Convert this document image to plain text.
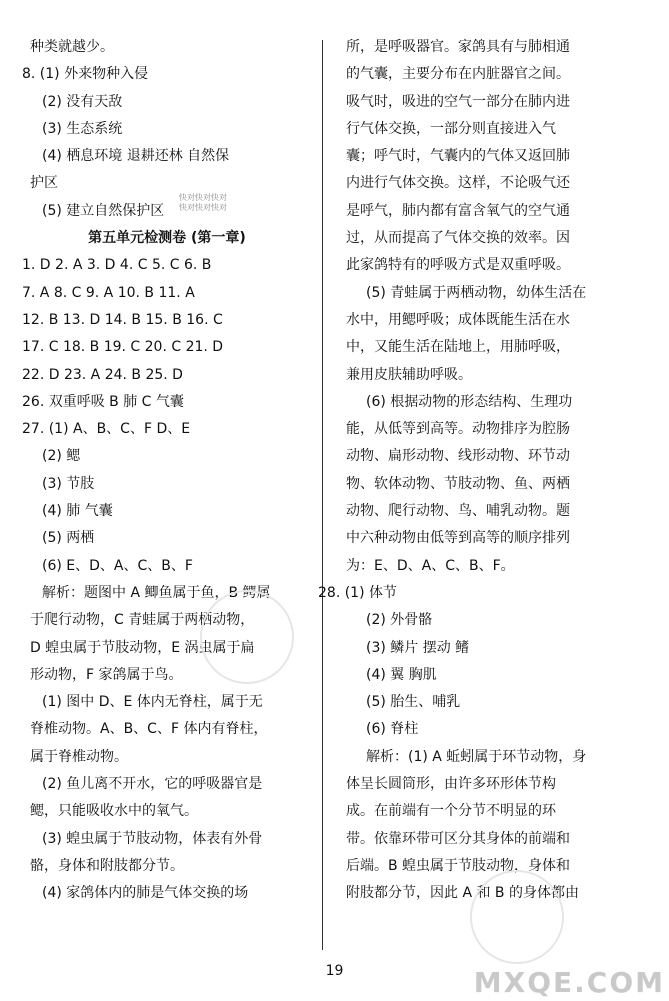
种类就越少。
8. (1) 外来物种入侵
(2) 没有天敌
(3) 生态系统
(4) 栖息环境 退耕还林 自然保
护区
(5) 建立自然保护区
第五单元检测卷 (第一章)
1. D 2. A 3. D 4. C 5. C 6. B
7. A 8. C 9. A 10. B 11. A
12. B 13. D 14. B 15. B 16. C
17. C 18. B 19. C 20. C 21. D
22. D 23. A 24. B 25. D
26. 双重呼吸 B 肺 C 气囊
27. (1) A、B、C、F D、E
(2) 鳃
(3) 节肢
(4) 肺 气囊
(5) 两栖
(6) E、D、A、C、B、F
解析：题图中 A 鲫鱼属于鱼，B 鳄属
于爬行动物，C 青蛙属于两栖动物，
D 蝗虫属于节肢动物，E 涡虫属于扁
形动物，F 家鸽属于鸟。
(1) 图中 D、E 体内无脊柱，属于无
脊椎动物。A、B、C、F 体内有脊柱，
属于脊椎动物。
(2) 鱼儿离不开水，它的呼吸器官是
鳃，只能吸收水中的氧气。
(3) 蝗虫属于节肢动物，体表有外骨
骼，身体和附肢都分节。
(4) 家鸽体内的肺是气体交换的场
所，是呼吸器官。家鸽具有与肺相通
的气囊，主要分布在内脏器官之间。
吸气时，吸进的空气一部分在肺内进
行气体交换，一部分则直接进入气
囊；呼气时，气囊内的气体又返回肺
内进行气体交换。这样，不论吸气还
是呼气，肺内都有富含氧气的空气通
过，从而提高了气体交换的效率。因
此家鸽特有的呼吸方式是双重呼吸。
(5) 青蛙属于两栖动物，幼体生活在
水中，用鳃呼吸；成体既能生活在水
中，又能生活在陆地上，用肺呼吸，
兼用皮肤辅助呼吸。
(6) 根据动物的形态结构、生理功
能，从低等到高等。动物排序为腔肠
动物、扁形动物、线形动物、环节动
物、软体动物、节肢动物、鱼、两栖
动物、爬行动物、鸟、哺乳动物。题
中六种动物由低等到高等的顺序排列
为：E、D、A、C、B、F。
28. (1) 体节
(2) 外骨骼
(3) 鳞片 摆动 鳍
(4) 翼 胸肌
(5) 胎生、哺乳
(6) 脊柱
解析：(1) A 蚯蚓属于环节动物，身
体呈长圆筒形，由许多环形体节构
成。在前端有一个分节不明显的环
带。依靠环带可区分其身体的前端和
后端。B 蝗虫属于节肢动物，身体和
附肢都分节，因此 A 和 B 的身体都由
快对快对快对
快对快对快对
19	MXQE.COM
